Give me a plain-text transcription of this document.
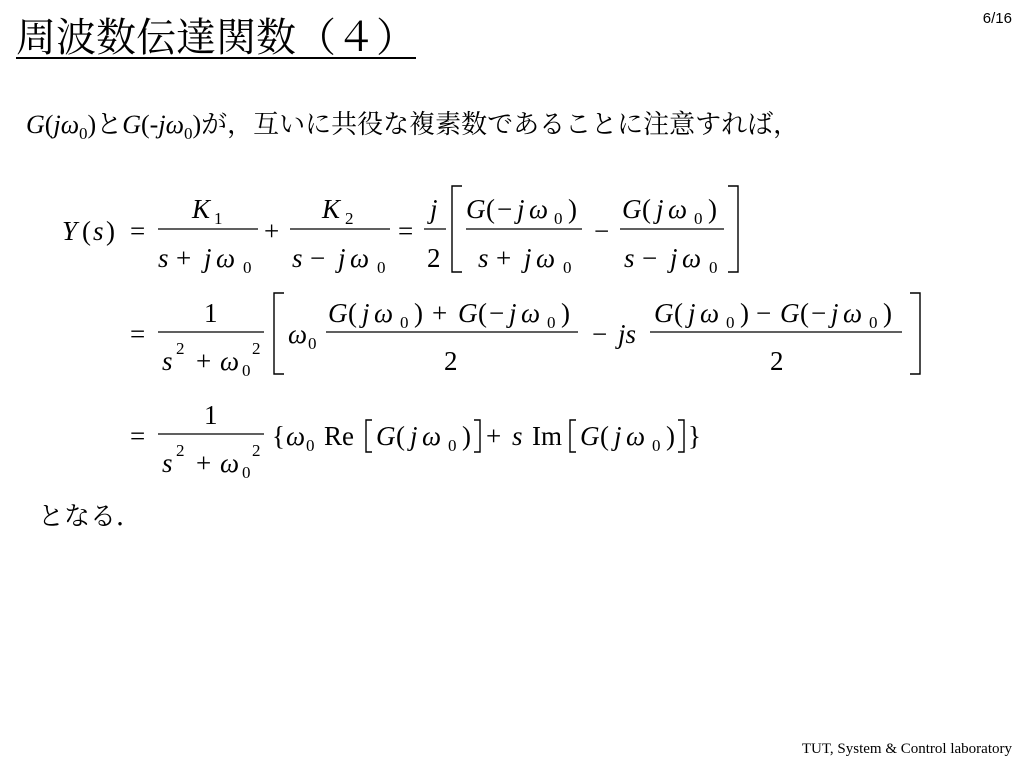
周波数伝達関数（４）	6/16
$G(j\omega_0)$と$G(-j\omega_0)$が，互いに共役な複素数であることに注意すれば，
Y ( s ) =
K 1
s + j ω 0
+
K 2
s − j ω 0
=
j
2
G ( − j ω 0 )
s + j ω 0
−
G ( j ω 0 )
s − j ω 0
=
1
s 2 + ω 0
2 ω 0
G ( j ω 0 ) + G ( − j ω 0 )
2
− js
G ( j ω 0 ) − G ( − j ω 0 )
2
=
1
s 2 + ω 0
2 { ω 0 Re G ( j ω 0 ) + s Im G ( j ω 0 ) }
となる．
TUT, System & Control laboratory
